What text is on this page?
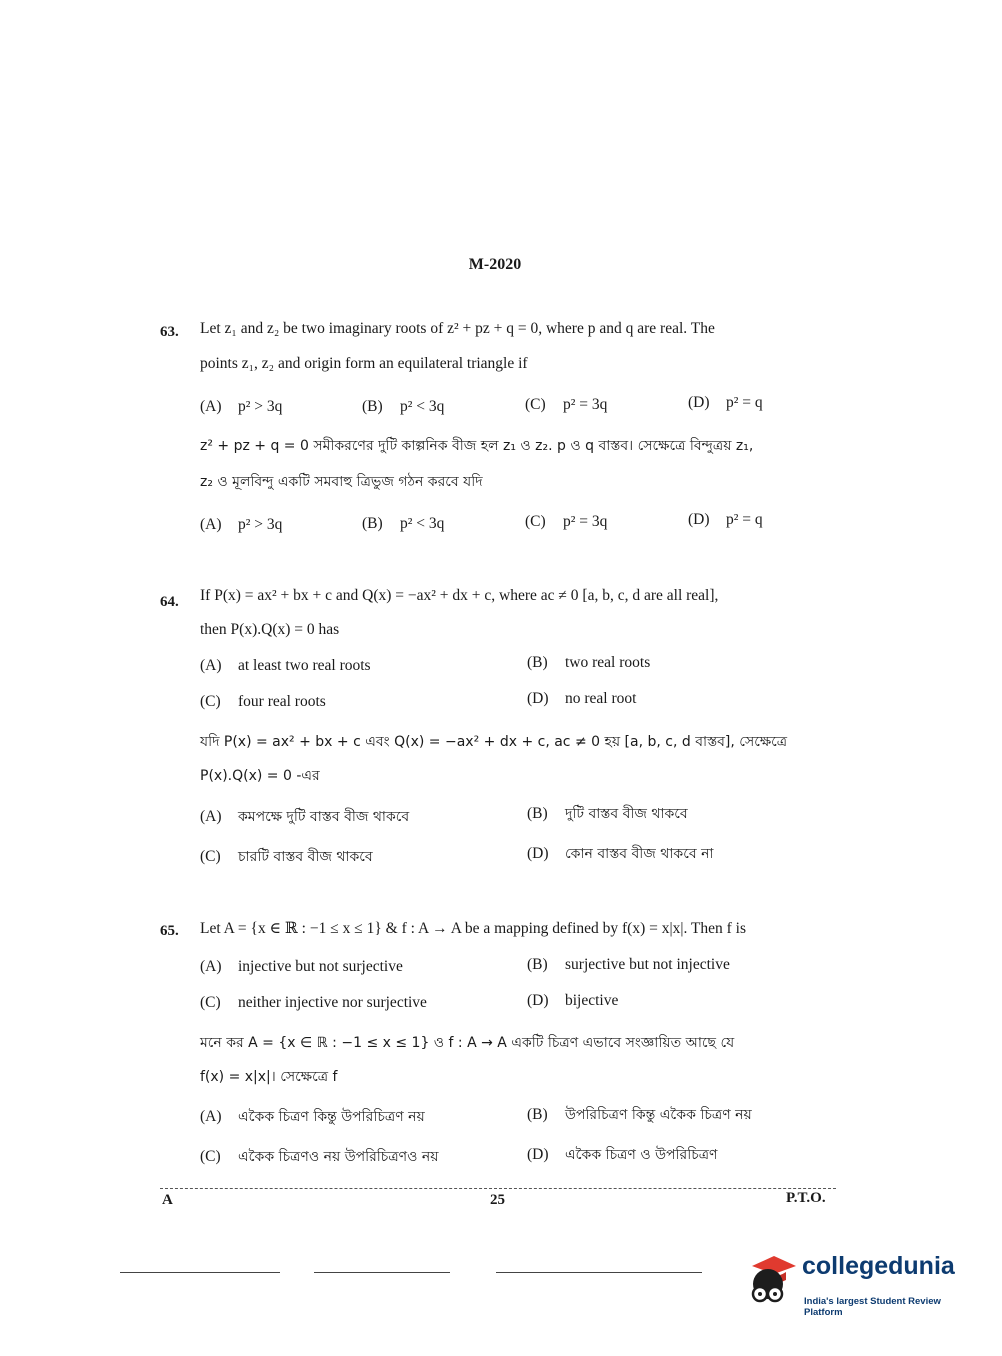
M-2020
63. Let z₁ and z₂ be two imaginary roots of z² + pz + q = 0, where p and q are real. The
points z₁, z₂ and origin form an equilateral triangle if
(A) p² > 3q	(B) p² < 3q	(C) p² = 3q	(D) p² = q
z² + pz + q = 0 সমীকরণের দুটি কাল্পনিক বীজ হল z₁ ও z₂. p ও q বাস্তব। সেক্ষেত্রে বিন্দুত্রয় z₁,
z₂ ও মূলবিন্দু একটি সমবাহু ত্রিভুজ গঠন করবে যদি
(A) p² > 3q	(B) p² < 3q	(C) p² = 3q	(D) p² = q
64. If P(x) = ax² + bx + c and Q(x) = −ax² + dx + c, where ac ≠ 0 [a, b, c, d are all real],
then P(x).Q(x) = 0 has
(A) at least two real roots	(B) two real roots
(C) four real roots	(D) no real root
যদি P(x) = ax² + bx + c এবং Q(x) = −ax² + dx + c, ac ≠ 0 হয় [a, b, c, d বাস্তব], সেক্ষেত্রে
P(x).Q(x) = 0 -এর
(A) কমপক্ষে দুটি বাস্তব বীজ থাকবে	(B) দুটি বাস্তব বীজ থাকবে
(C) চারটি বাস্তব বীজ থাকবে	(D) কোন বাস্তব বীজ থাকবে না
65. Let A = {x ∈ ℝ : −1 ≤ x ≤ 1} & f : A → A be a mapping defined by f(x) = x|x|. Then f is
(A) injective but not surjective	(B) surjective but not injective
(C) neither injective nor surjective	(D) bijective
মনে কর A = {x ∈ ℝ : −1 ≤ x ≤ 1} ও f : A → A একটি চিত্রণ এভাবে সংজ্ঞায়িত আছে যে
f(x) = x|x|। সেক্ষেত্রে f
(A) একৈক চিত্রণ কিন্তু উপরিচিত্রণ নয়	(B) উপরিচিত্রণ কিন্তু একৈক চিত্রণ নয়
(C) একৈক চিত্রণও নয় উপরিচিত্রণও নয়	(D) একৈক চিত্রণ ও উপরিচিত্রণ
A	25	P.T.O.
collegedunia
India's largest Student Review Platform
